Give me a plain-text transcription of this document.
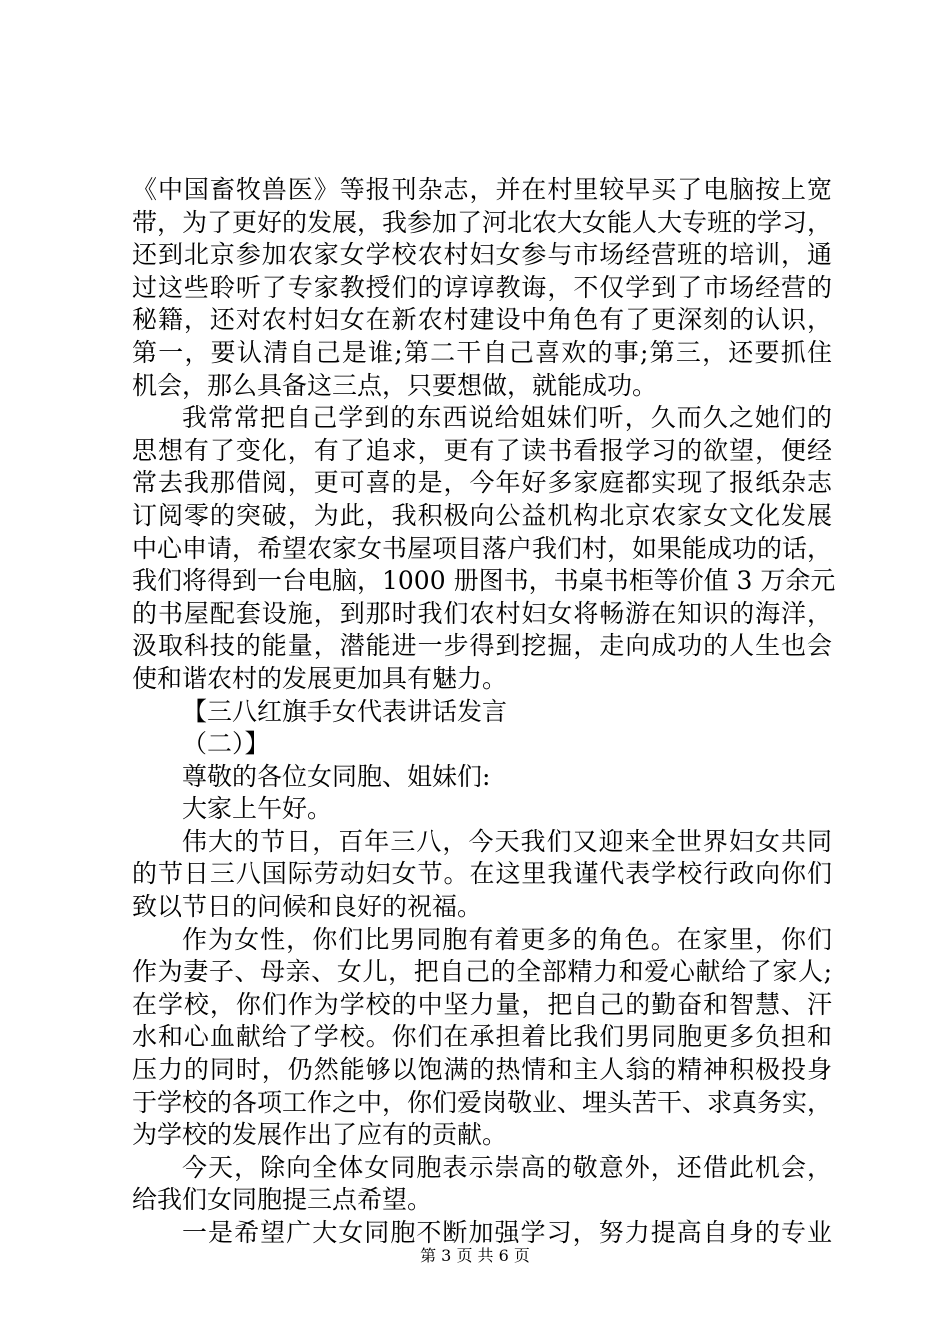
《中国畜牧兽医》等报刊杂志，并在村里较早买了电脑按上宽
带，为了更好的发展，我参加了河北农大女能人大专班的学习，
还到北京参加农家女学校农村妇女参与市场经营班的培训，通
过这些聆听了专家教授们的谆谆教诲，不仅学到了市场经营的
秘籍，还对农村妇女在新农村建设中角色有了更深刻的认识，
第一，要认清自己是谁;第二干自己喜欢的事;第三，还要抓住
机会，那么具备这三点，只要想做，就能成功。
我常常把自己学到的东西说给姐妹们听，久而久之她们的
思想有了变化，有了追求，更有了读书看报学习的欲望，便经
常去我那借阅，更可喜的是，今年好多家庭都实现了报纸杂志
订阅零的突破，为此，我积极向公益机构北京农家女文化发展
中心申请，希望农家女书屋项目落户我们村，如果能成功的话，
我们将得到一台电脑，1000 册图书，书桌书柜等价值 3 万余元
的书屋配套设施，到那时我们农村妇女将畅游在知识的海洋，
汲取科技的能量，潜能进一步得到挖掘，走向成功的人生也会
使和谐农村的发展更加具有魅力。
【三八红旗手女代表讲话发言
（二）】
尊敬的各位女同胞、姐妹们:
大家上午好。
伟大的节日，百年三八，今天我们又迎来全世界妇女共同
的节日三八国际劳动妇女节。在这里我谨代表学校行政向你们
致以节日的问候和良好的祝福。
作为女性，你们比男同胞有着更多的角色。在家里，你们
作为妻子、母亲、女儿，把自己的全部精力和爱心献给了家人;
在学校，你们作为学校的中坚力量，把自己的勤奋和智慧、汗
水和心血献给了学校。你们在承担着比我们男同胞更多负担和
压力的同时，仍然能够以饱满的热情和主人翁的精神积极投身
于学校的各项工作之中，你们爱岗敬业、埋头苦干、求真务实，
为学校的发展作出了应有的贡献。
今天，除向全体女同胞表示崇高的敬意外，还借此机会，
给我们女同胞提三点希望。
一是希望广大女同胞不断加强学习，努力提高自身的专业
第 3 页 共 6 页
